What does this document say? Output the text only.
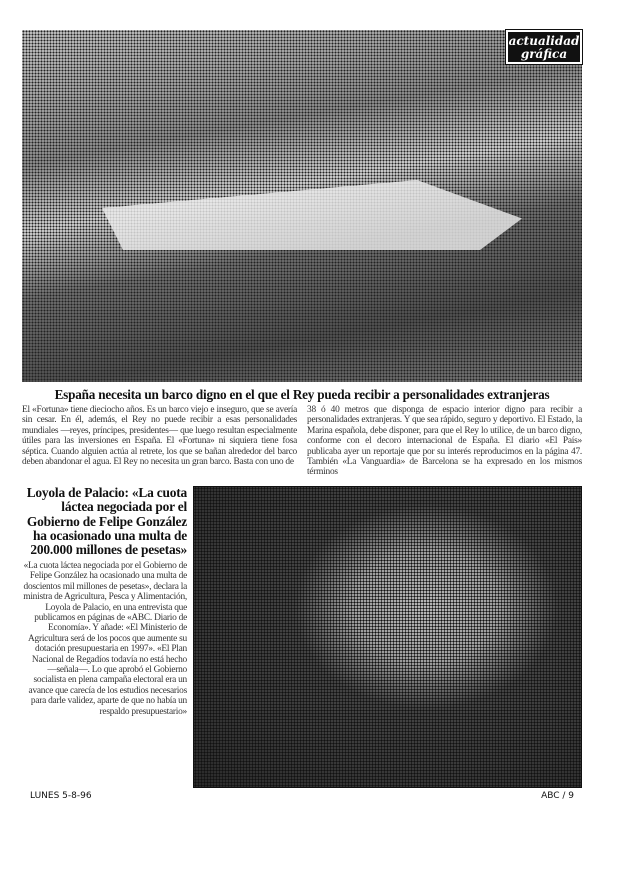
actualidad gráfica
España necesita un barco digno en el que el Rey pueda recibir a personalidades extranjeras
El «Fortuna» tiene dieciocho años. Es un barco viejo e inseguro, que se avería sin cesar. En él, además, el Rey no puede recibir a esas personalidades mundiales —reyes, príncipes, presidentes— que luego resultan especialmente útiles para las inversiones en España. El «Fortuna» ni siquiera tiene fosa séptica. Cuando alguien actúa al retrete, los que se bañan alrededor del barco deben abandonar el agua. El Rey no necesita un gran barco. Basta con uno de
38 ó 40 metros que disponga de espacio interior digno para recibir a personalidades extranjeras. Y que sea rápido, seguro y deportivo. El Estado, la Marina española, debe disponer, para que el Rey lo utilice, de un barco digno, conforme con el decoro internacional de España. El diario «El País» publicaba ayer un reportaje que por su interés reproducimos en la página 47. También «La Vanguardia» de Barcelona se ha expresado en los mismos términos
Loyola de Palacio: «La cuota láctea negociada por el Gobierno de Felipe González ha ocasionado una multa de 200.000 millones de pesetas»
«La cuota láctea negociada por el Gobierno de Felipe González ha ocasionado una multa de doscientos mil millones de pesetas», declara la ministra de Agricultura, Pesca y Alimentación, Loyola de Palacio, en una entrevista que publicamos en páginas de «ABC. Diario de Economía». Y añade: «El Ministerio de Agricultura será de los pocos que aumente su dotación presupuestaria en 1997». «El Plan Nacional de Regadíos todavía no está hecho —señala—. Lo que aprobó el Gobierno socialista en plena campaña electoral era un avance que carecía de los estudios necesarios para darle validez, aparte de que no había un respaldo presupuestario»
LUNES 5-8-96	ABC / 9
